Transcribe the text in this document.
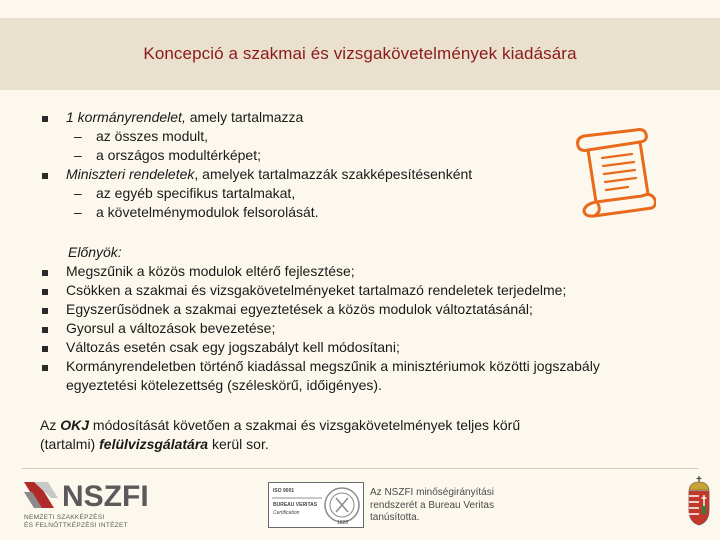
Koncepció a szakmai és vizsgakövetelmények kiadására
1 kormányrendelet, amely tartalmazza
– az összes modult,
– a országos modultérképet;
Miniszteri rendeletek, amelyek tartalmazzák szakképesítésenként
– az egyéb specifikus tartalmakat,
– a követelménymodulok felsorolását.
Előnyök:
Megszűnik a közös modulok eltérő fejlesztése;
Csökken a szakmai és vizsgakövetelményeket tartalmazó rendeletek terjedelme;
Egyszerűsödnek a szakmai egyeztetések a közös modulok változtatásánál;
Gyorsul a változások bevezetése;
Változás esetén csak egy jogszabályt kell módosítani;
Kormányrendeletben történő kiadással megszűnik a minisztériumok közötti jogszabály
egyeztetési kötelezettség (széleskörű, időigényes).
Az OKJ módosítását követően a szakmai és vizsgakövetelmények teljes körű
(tartalmi) felülvizsgálatára kerül sor.
NSZFI
NEMZETI SZAKKÉPZÉSI
ÉS FELNŐTTKÉPZÉSI INTÉZET
ISO 9001
BUREAU VERITAS
Certification
1828
Az NSZFI minőségirányítási
rendszerét a Bureau Veritas
tanúsította.
